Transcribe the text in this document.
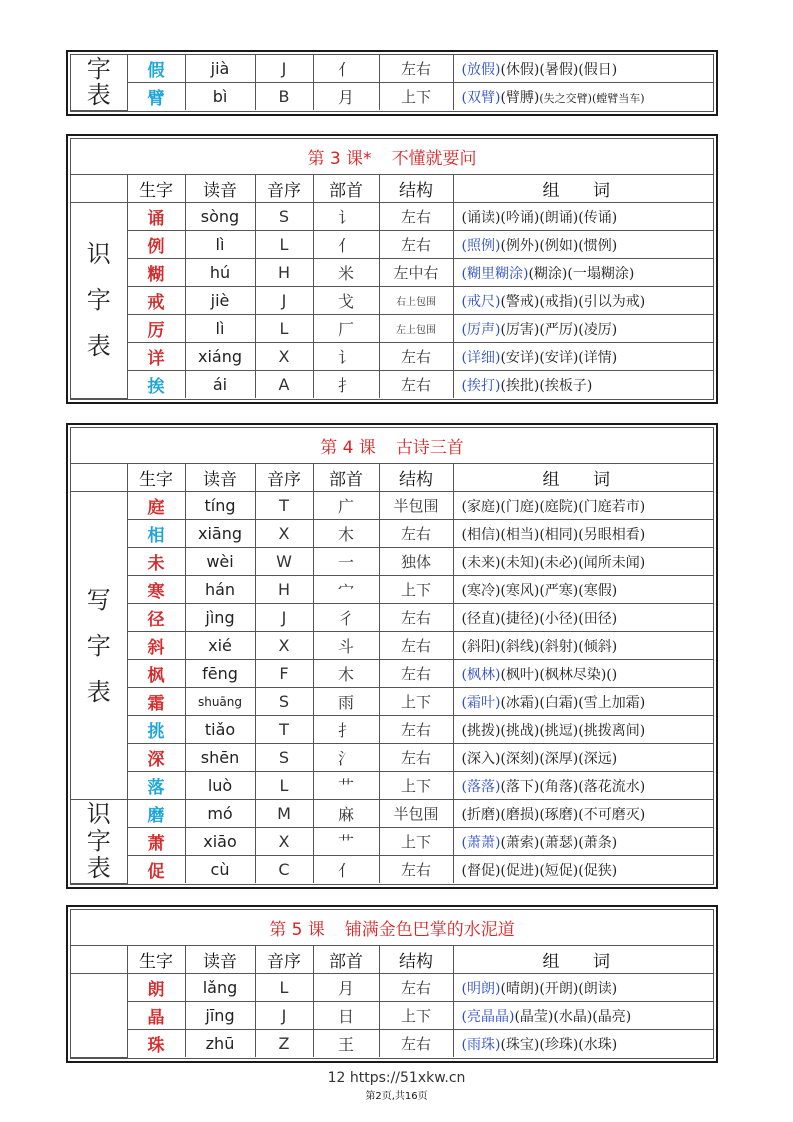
字
表	假	jià	J	亻	左右	(放假)(休假)(暑假)(假日)
	臂	bì	B	月	上下	(双臂)(臂膊)(失之交臂)(螳臂当车)
第 3 课* 不懂就要问						
	生字	读音	音序	部首	结构	组 词

识
字
表	诵	sòng	S	讠	左右	(诵读)(吟诵)(朗诵)(传诵)
	例	lì	L	亻	左右	(照例)(例外)(例如)(惯例)
	糊	hú	H	米	左中右	(糊里糊涂)(糊涂)(一塌糊涂)
	戒	jiè	J	戈	右上包围	(戒尺)(警戒)(戒指)(引以为戒)
	厉	lì	L	厂	左上包围	(厉声)(厉害)(严厉)(凌厉)
	详	xiáng	X	讠	左右	(详细)(安详)(安详)(详情)
	挨	ái	A	扌	左右	(挨打)(挨批)(挨板子)
第 4 课 古诗三首						
	生字	读音	音序	部首	结构	组 词

写
字
表	庭	tíng	T	广	半包围	(家庭)(门庭)(庭院)(门庭若市)
	相	xiāng	X	木	左右	(相信)(相当)(相同)(另眼相看)
	未	wèi	W	一	独体	(未来)(未知)(未必)(闻所未闻)
	寒	hán	H	宀	上下	(寒冷)(寒风)(严寒)(寒假)
	径	jìng	J	彳	左右	(径直)(捷径)(小径)(田径)
	斜	xié	X	斗	左右	(斜阳)(斜线)(斜射)(倾斜)
	枫	fēng	F	木	左右	(枫林)(枫叶)(枫林尽染)()
	霜	shuāng	S	雨	上下	(霜叶)(冰霜)(白霜)(雪上加霜)
	挑	tiǎo	T	扌	左右	(挑拨)(挑战)(挑逗)(挑拨离间)
	深	shēn	S	氵	左右	(深入)(深刻)(深厚)(深远)
	落	luò	L	艹	上下	(落落)(落下)(角落)(落花流水)

识
字
表	磨	mó	M	麻	半包围	(折磨)(磨损)(琢磨)(不可磨灭)
	萧	xiāo	X	艹	上下	(萧萧)(萧索)(萧瑟)(萧条)
	促	cù	C	亻	左右	(督促)(促进)(短促)(促狭)
第 5 课 铺满金色巴掌的水泥道						
	生字	读音	音序	部首	结构	组 词
	朗	lǎng	L	月	左右	(明朗)(晴朗)(开朗)(朗读)
	晶	jīng	J	日	上下	(亮晶晶)(晶莹)(水晶)(晶亮)
	珠	zhū	Z	王	左右	(雨珠)(珠宝)(珍珠)(水珠)
12 https://51xkw.cn
第2页,共16页
